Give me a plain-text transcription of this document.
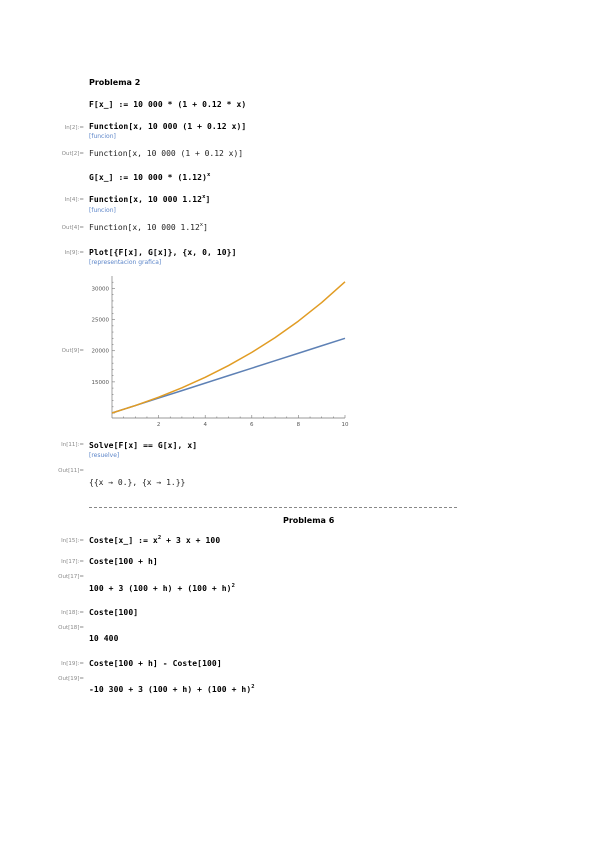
Problema 2
F[x_] := 10 000 * (1 + 0.12 * x)
In[2]:= Function[x, 10 000 (1 + 0.12 x)]
[funcion]
Out[2]= Function[x, 10 000 (1 + 0.12 x)]
G[x_] := 10 $000 * (1.12)^x$
In[4]:= Function[x, 10 000 1.12$^x$]
[funcion]
Out[4]= Function[x, 10 000 1.12$^x$]
In[9]:= Plot[{F[x], G[x]}, {x, 0, 10}]
[representacion grafica]
Out[9]=
2	4	6	8	10
15000
20000
25000
30000
In[11]:= Solve[F[x] == G[x], x]
[resuelve]
Out[11]=
{{x → 0.}, {x → 1.}}
Problema 6
In[15]:= Coste[x_] := $x^2 + 3$ x + 100
In[17]:= Coste[100 + h]
Out[17]=
100 + 3 $(100 + h) + (100 + h)^2$
In[18]:= Coste[100]
Out[18]=
10 400
In[19]:= Coste[100 + h] - Coste[100]
Out[19]=
-10 300 + 3 $(100 + h) + (100 + h)^2$
